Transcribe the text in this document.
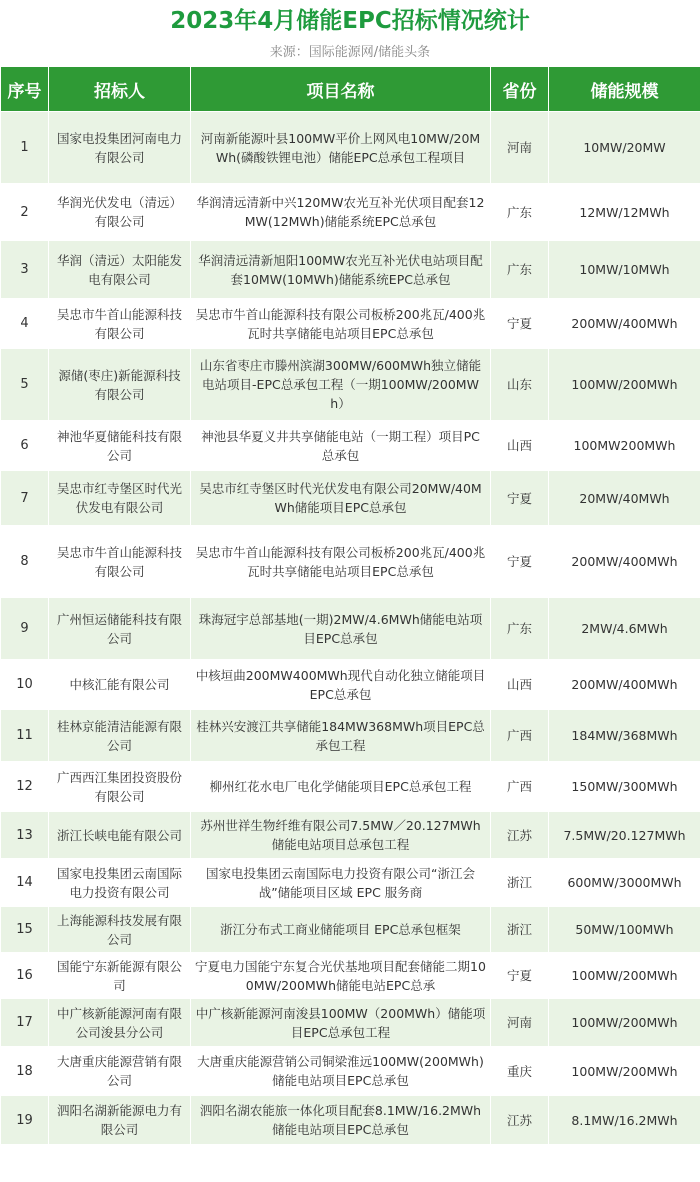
2023年4月储能EPC招标情况统计
来源：国际能源网/储能头条
序号	招标人	项目名称	省份	储能规模
1	国家电投集团河南电力有限公司	河南新能源叶县100MW平价上网风电10MW/20MWh(磷酸铁锂电池）储能EPC总承包工程项目	河南	10MW/20MW
2	华润光伏发电（清远）有限公司	华润清远清新中兴120MW农光互补光伏项目配套12MW(12MWh)储能系统EPC总承包	广东	12MW/12MWh
3	华润（清远）太阳能发电有限公司	华润清远清新旭阳100MW农光互补光伏电站项目配套10MW(10MWh)储能系统EPC总承包	广东	10MW/10MWh
4	吴忠市牛首山能源科技有限公司	吴忠市牛首山能源科技有限公司板桥200兆瓦/400兆瓦时共享储能电站项目EPC总承包	宁夏	200MW/400MWh
5	源储(枣庄)新能源科技有限公司	山东省枣庄市滕州滨湖300MW/600MWh独立储能电站项目-EPC总承包工程（一期100MW/200MWh）	山东	100MW/200MWh
6	神池华夏储能科技有限公司	神池县华夏义井共享储能电站（一期工程）项目PC总承包	山西	100MW200MWh
7	吴忠市红寺堡区时代光伏发电有限公司	吴忠市红寺堡区时代光伏发电有限公司20MW/40MWh储能项目EPC总承包	宁夏	20MW/40MWh
8	吴忠市牛首山能源科技有限公司	吴忠市牛首山能源科技有限公司板桥200兆瓦/400兆瓦时共享储能电站项目EPC总承包	宁夏	200MW/400MWh
9	广州恒运储能科技有限公司	珠海冠宇总部基地(一期)2MW/4.6MWh储能电站项目EPC总承包	广东	2MW/4.6MWh
10	中核汇能有限公司	中核垣曲200MW400MWh现代自动化独立储能项目EPC总承包	山西	200MW/400MWh
11	桂林京能清洁能源有限公司	桂林兴安渡江共享储能184MW368MWh项目EPC总承包工程	广西	184MW/368MWh
12	广西西江集团投资股份有限公司	柳州红花水电厂电化学储能项目EPC总承包工程	广西	150MW/300MWh
13	浙江长峡电能有限公司	苏州世祥生物纤维有限公司7.5MW／20.127MWh储能电站项目总承包工程	江苏	7.5MW/20.127MWh
14	国家电投集团云南国际电力投资有限公司	国家电投集团云南国际电力投资有限公司“浙江会战”储能项目区域 EPC 服务商	浙江	600MW/3000MWh
15	上海能源科技发展有限公司	浙江分布式工商业储能项目 EPC总承包框架	浙江	50MW/100MWh
16	国能宁东新能源有限公司	宁夏电力国能宁东复合光伏基地项目配套储能二期100MW/200MWh储能电站EPC总承	宁夏	100MW/200MWh
17	中广核新能源河南有限公司浚县分公司	中广核新能源河南浚县100MW（200MWh）储能项目EPC总承包工程	河南	100MW/200MWh
18	大唐重庆能源营销有限公司	大唐重庆能源营销公司铜梁淮远100MW(200MWh)储能电站项目EPC总承包	重庆	100MW/200MWh
19	泗阳名湖新能源电力有限公司	泗阳名湖农能旅一体化项目配套8.1MW/16.2MWh储能电站项目EPC总承包	江苏	8.1MW/16.2MWh
